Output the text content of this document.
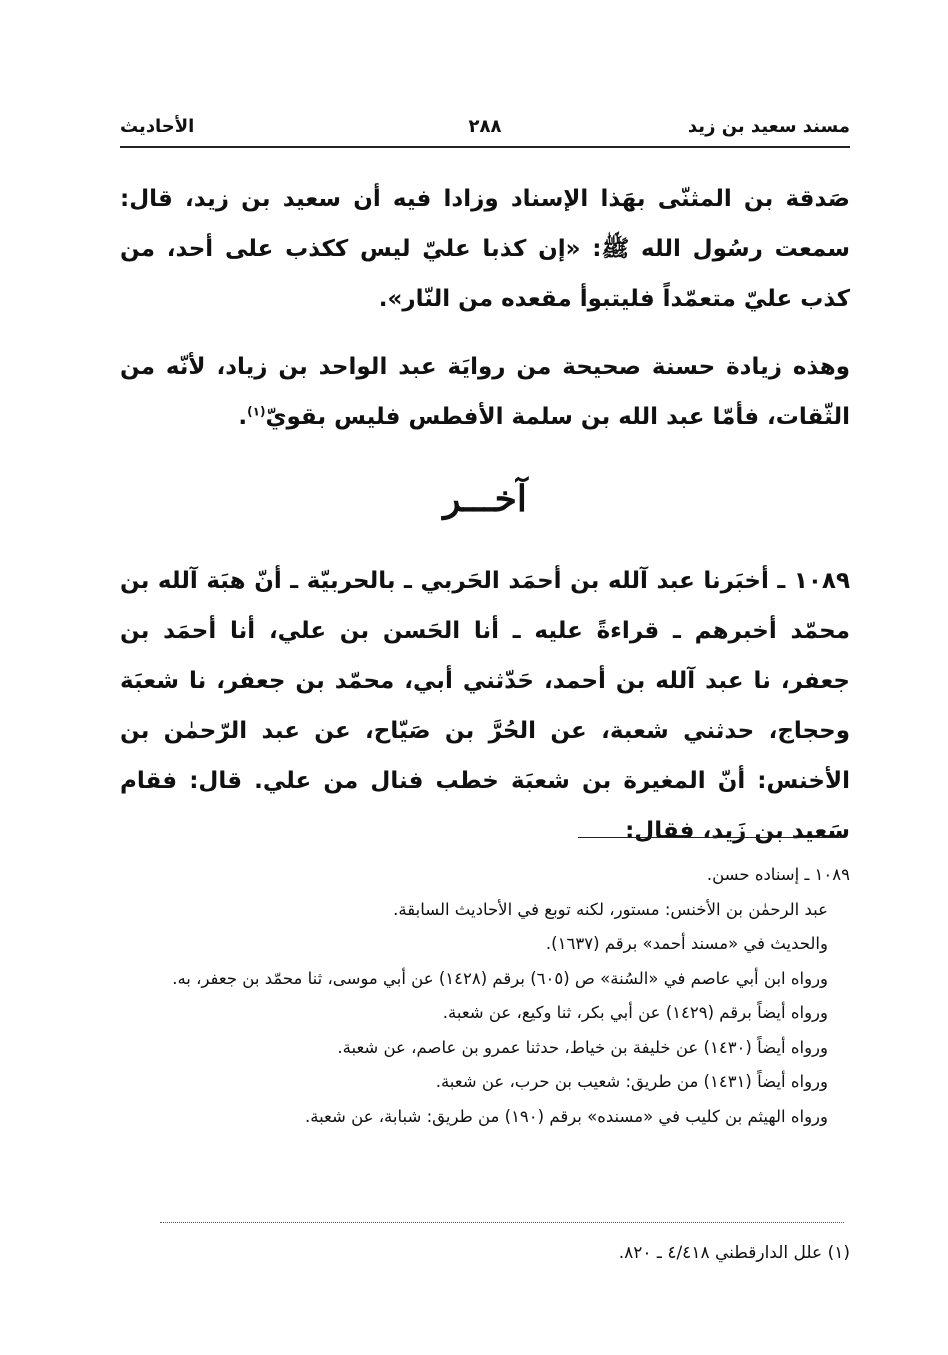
مسند سعيد بن زيد
٢٨٨
الأحاديث
صَدقة بن المثنّى بهَذا الإسناد وزادا فيه أن سعيد بن زيد، قال: سمعت رسُول الله ﷺ: «إن كذبا عليّ ليس ككذب على أحد، من كذب عليّ متعمّداً فليتبوأ مقعده من النّار».
وهذه زيادة حسنة صحيحة من روايَة عبد الواحد بن زياد، لأنّه من الثّقات، فأمّا عبد الله بن سلمة الأفطس فليس بقويّ$^{(١)}$.
آخـــر
١٠٨٩ ـ أخبَرنا عبد آلله بن أحمَد الحَربي ـ بالحربيّة ـ أنّ هبَة آلله بن محمّد أخبرهم ـ قراءةً عليه ـ أنا الحَسن بن علي، أنا أحمَد بن جعفر، نا عبد آلله بن أحمد، حَدّثني أبي، محمّد بن جعفر، نا شعبَة وحجاج، حدثني شعبة، عن الحُرَّ بن صَيّاح، عن عبد الرّحمٰن بن الأخنس: أنّ المغيرة بن شعبَة خطب فنال من علي. قال: فقام سَعيد بن زَيد، فقال:
١٠٨٩ ـ إسناده حسن.
عبد الرحمٰن بن الأخنس: مستور، لكنه توبع في الأحاديث السابقة.
والحديث في «مسند أحمد» برقم (١٦٣٧).
ورواه ابن أبي عاصم في «السُنة» ص (٦٠٥) برقم (١٤٢٨) عن أبي موسى، ثنا محمّد بن جعفر، به.
ورواه أيضاً برقم (١٤٢٩) عن أبي بكر، ثنا وكيع، عن شعبة.
ورواه أيضاً (١٤٣٠) عن خليفة بن خياط، حدثنا عمرو بن عاصم، عن شعبة.
ورواه أيضاً (١٤٣١) من طريق: شعيب بن حرب، عن شعبة.
ورواه الهيثم بن كليب في «مسنده» برقم (١٩٠) من طريق: شبابة، عن شعبة.
(١) علل الدارقطني ٤/٤١٨ ـ ٨٢٠.
